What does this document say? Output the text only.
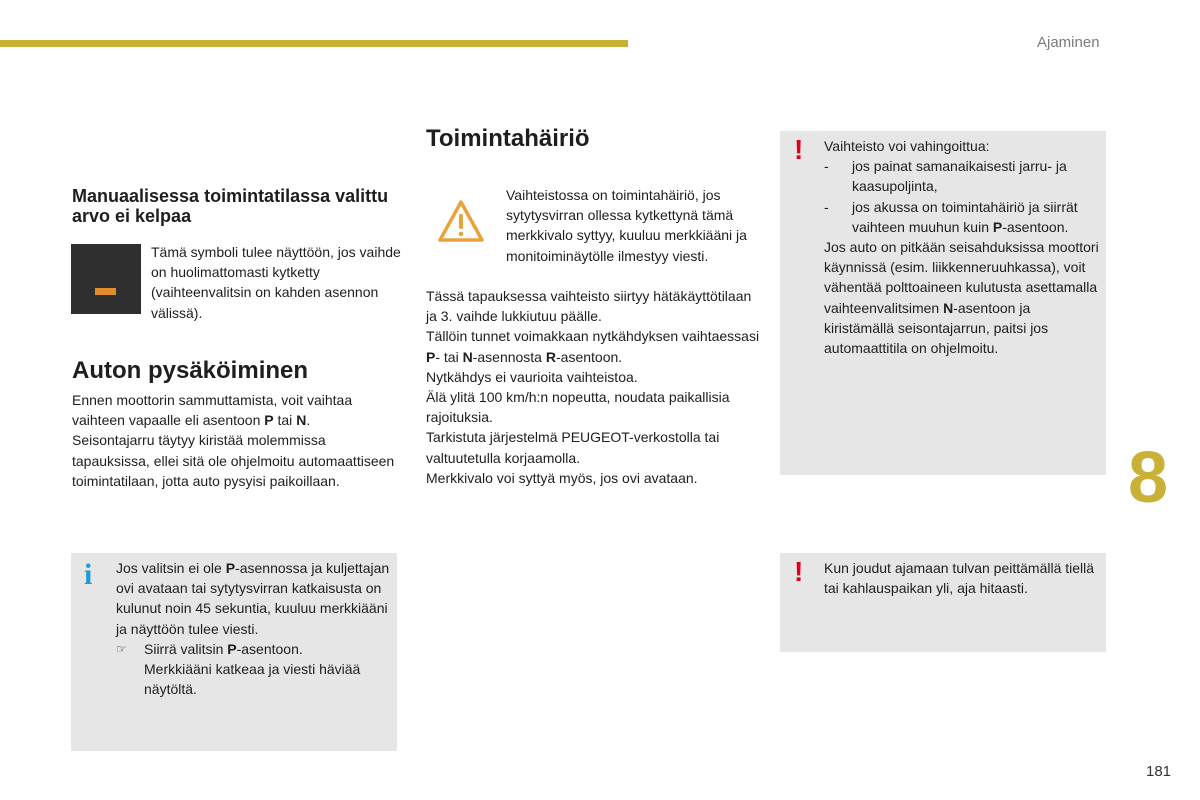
Ajaminen
8
181
Manuaalisessa toimintatilassa valittu arvo ei kelpaa

Tämä symboli tulee näyttöön, jos vaihde on huolimattomasti kytketty (vaihteenvalitsin on kahden asennon välissä).

Auton pysäköiminen

Ennen moottorin sammuttamista, voit vaihtaa vaihteen vapaalle eli asentoon P tai N.

Seisontajarru täytyy kiristää molemmissa tapauksissa, ellei sitä ole ohjelmoitu automaattiseen toimintatilaan, jotta auto pysyisi paikoillaan.

i Jos valitsin ei ole P-asennossa ja kuljettajan ovi avataan tai sytytysvirran katkaisusta on kulunut noin 45 sekuntia, kuuluu merkkiääni ja näyttöön tulee viesti.

☞ Siirrä valitsin P-asentoon.
Merkkiääni katkeaa ja viesti häviää näytöltä.
Toimintahäiriö

Vaihteistossa on toimintahäiriö, jos sytytysvirran ollessa kytkettynä tämä merkkivalo syttyy, kuuluu merkkiääni ja monitoiminäytölle ilmestyy viesti.

Tässä tapauksessa vaihteisto siirtyy hätäkäyttötilaan ja 3. vaihde lukkiutuu päälle.

Tällöin tunnet voimakkaan nytkähdyksen vaihtaessasi P- tai N-asennosta R-asentoon.

Nytkähdys ei vaurioita vaihteistoa.

Älä ylitä 100 km/h:n nopeutta, noudata paikallisia rajoituksia.

Tarkistuta järjestelmä PEUGEOT-verkostolla tai valtuutetulla korjaamolla.

Merkkivalo voi syttyä myös, jos ovi avataan.

! Vaihteisto voi vahingoittua:

- jos painat samanaikaisesti jarru- ja kaasupoljinta,
- jos akussa on toimintahäiriö ja siirrät vaihteen muuhun kuin P-asentoon.

Jos auto on pitkään seisahduksissa moottori käynnissä (esim. liikkenneruuhkassa), voit vähentää polttoaineen kulutusta asettamalla vaihteenvalitsimen N-asentoon ja kiristämällä seisontajarrun, paitsi jos automaattitila on ohjelmoitu.

! Kun joudut ajamaan tulvan peittämällä tiellä tai kahlauspaikan yli, aja hitaasti.
